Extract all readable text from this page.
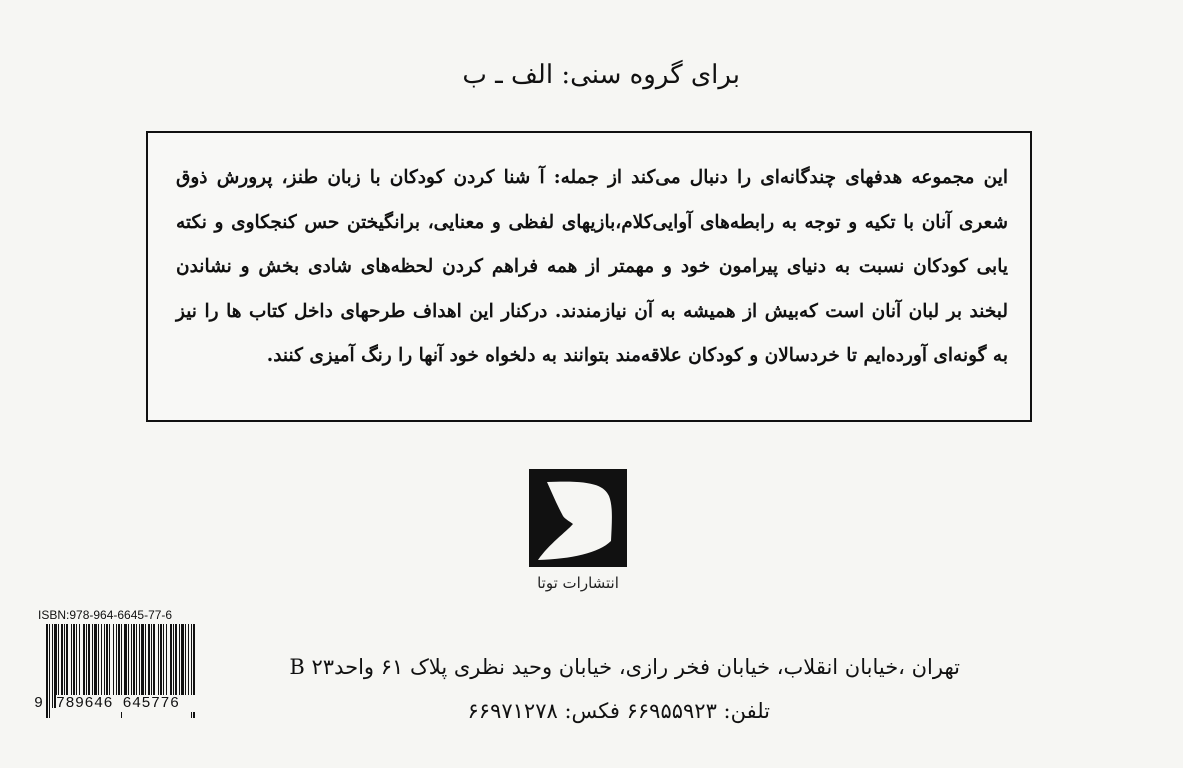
برای گروه سنی: الف ـ ب
این مجموعه هدفهای چندگانه‌ای را دنبال می‌کند از جمله: آ شنا کردن کودکان با زبان طنز، پرورش ذوق شعری آنان با تکیه و توجه به رابطه‌های آوایی‌کلام،بازیهای لفظی و معنایی، برانگیختن حس کنجکاوی و نکته یابی کودکان نسبت به دنیای پیرامون خود و مهمتر از همه فراهم کردن لحظه‌های شادی بخش و نشاندن لبخند بر لبان آنان است که‌بیش از همیشه به آن نیازمندند. درکنار این اهداف طرحهای داخل کتاب ها را نیز به گونه‌ای آورده‌ایم تا خردسالان و کودکان علاقه‌مند بتوانند به دلخواه خود آنها را رنگ آمیزی کنند.
انتشارات توتا
ISBN:978-964-6645-77-6
9 789646 645776
تهران ،خیابان انقلاب، خیابان فخر رازی، خیابان وحید نظری پلاک ۶۱ واحد۲۳ B
تلفن: ۶۶۹۵۵۹۲۳ فکس: ۶۶۹۷۱۲۷۸
